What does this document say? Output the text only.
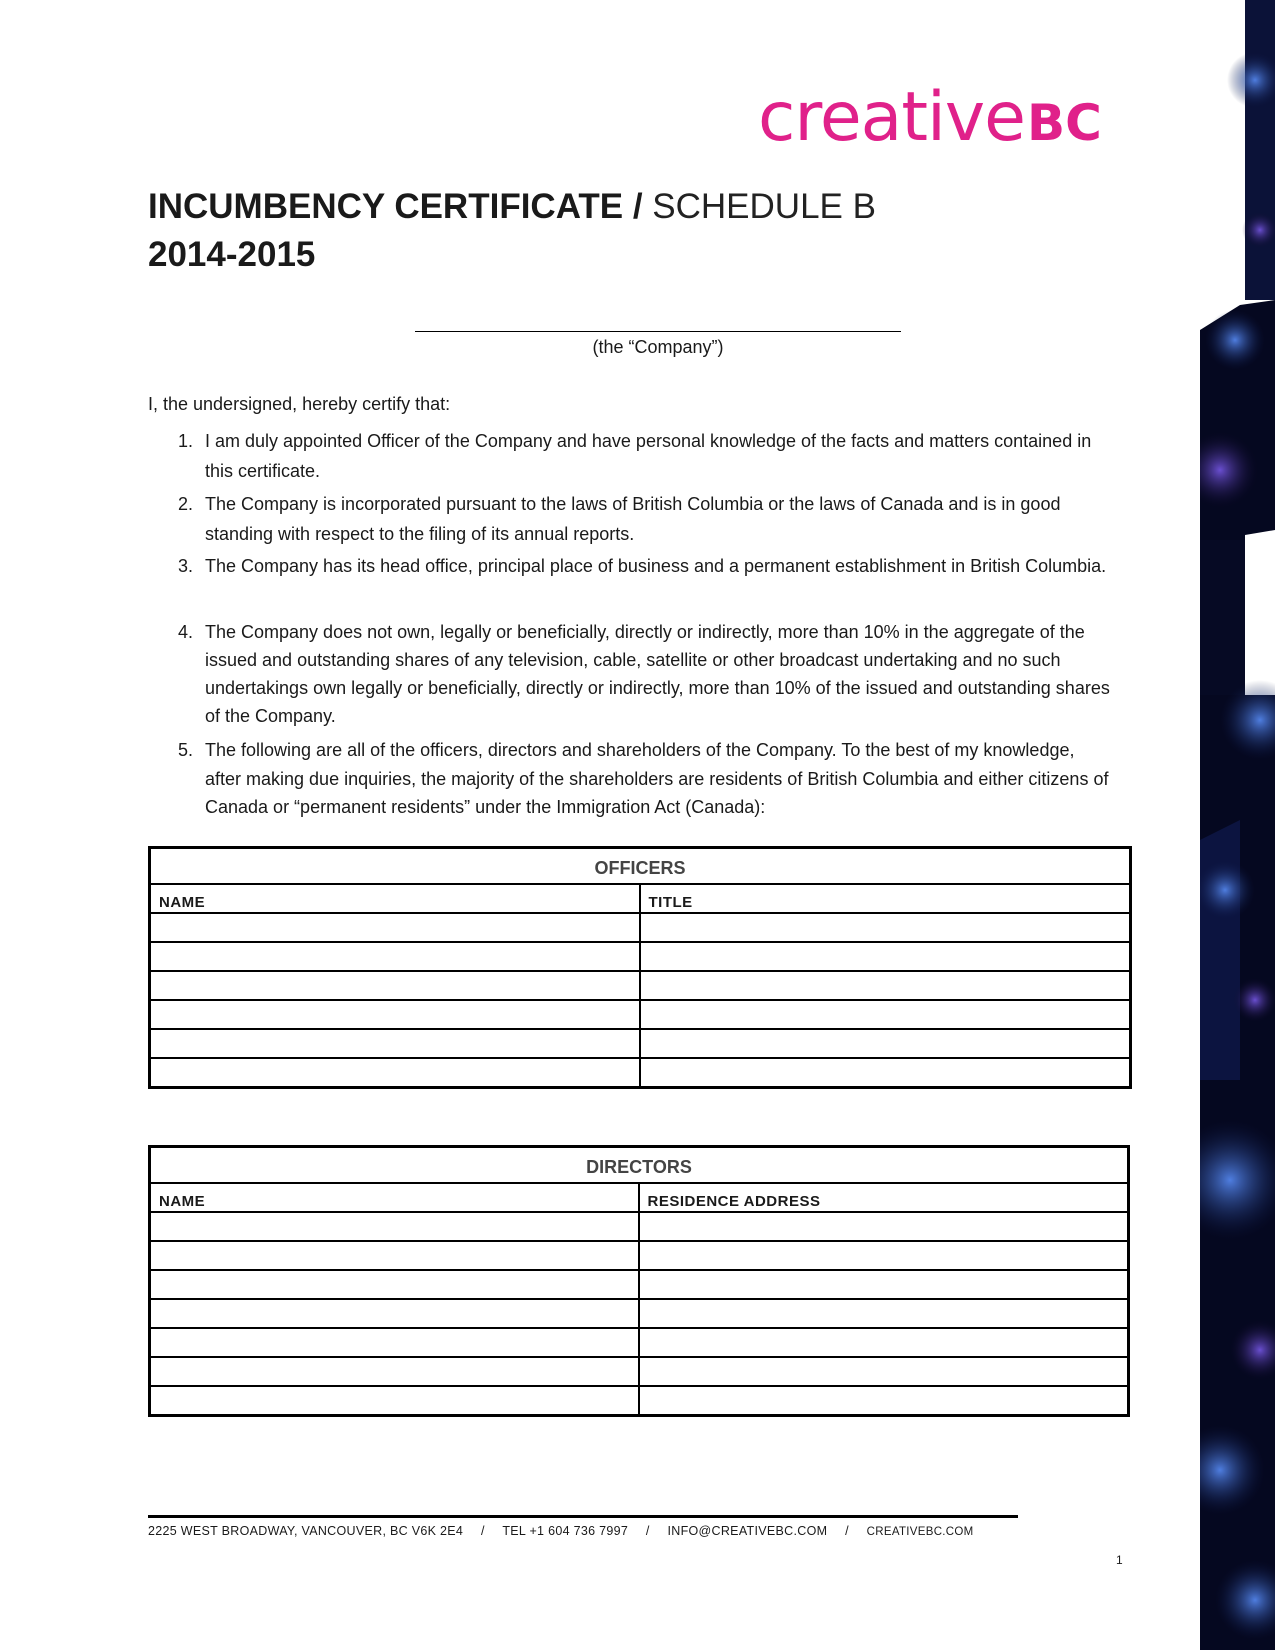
creativeBC
INCUMBENCY CERTIFICATE / SCHEDULE B
2014-2015
(the “Company”)
I, the undersigned, hereby certify that:
1. I am duly appointed Officer of the Company and have personal knowledge of the facts and matters contained in this certificate.
2. The Company is incorporated pursuant to the laws of British Columbia or the laws of Canada and is in good standing with respect to the filing of its annual reports.
3. The Company has its head office, principal place of business and a permanent establishment in British Columbia.
4. The Company does not own, legally or beneficially, directly or indirectly, more than 10% in the aggregate of the issued and outstanding shares of any television, cable, satellite or other broadcast undertaking and no such undertakings own legally or beneficially, directly or indirectly, more than 10% of the issued and outstanding shares of the Company.
5. The following are all of the officers, directors and shareholders of the Company. To the best of my knowledge, after making due inquiries, the majority of the shareholders are residents of British Columbia and either citizens of Canada or “permanent residents” under the Immigration Act (Canada):
OFFICERS	
NAME	TITLE

DIRECTORS	
NAME	RESIDENCE ADDRESS

2225 WEST BROADWAY, VANCOUVER, BC V6K 2E4 / TEL +1 604 736 7997 / INFO@CREATIVEBC.COM / CREATIVEBC.COM
1
